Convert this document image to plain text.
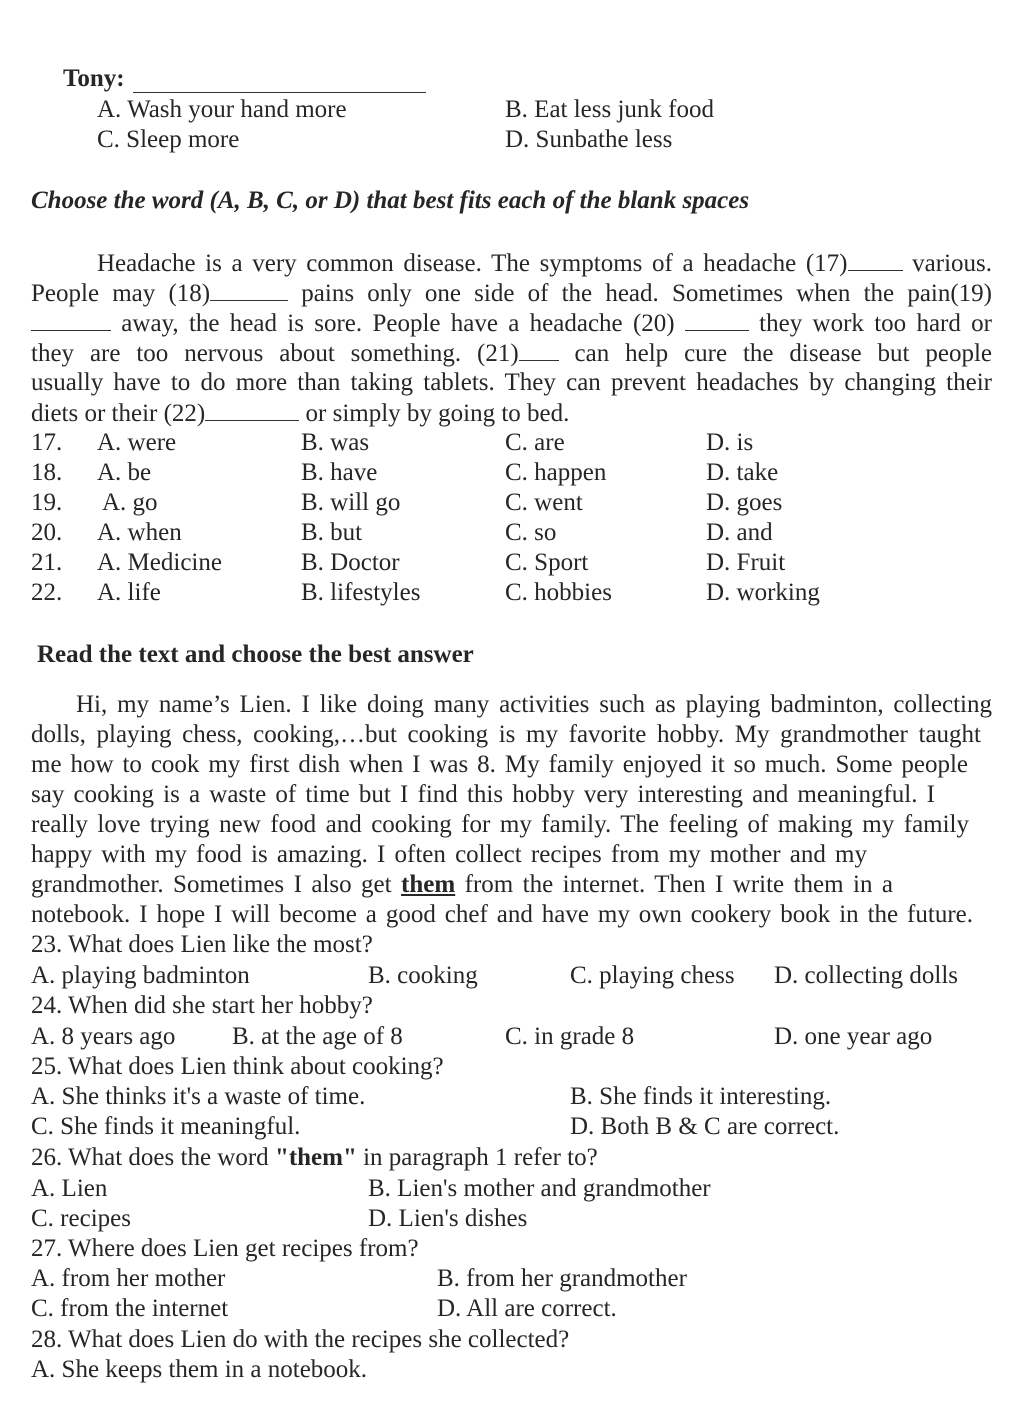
Tony:
A. Wash your hand more	B. Eat less junk food
C. Sleep more	D. Sunbathe less
Choose the word (A, B, C, or D) that best fits each of the blank spaces
Headache is a very common disease. The symptoms of a headache (17) various.
People may (18)	pains only one side of the head. Sometimes when the pain(19)
away, the head is sore. People have a headache (20)	they work too hard or
they are too nervous about something. (21) can help cure the disease but people
usually have to do more than taking tablets. They can prevent headaches by changing their
diets or their (22)	or simply by going to bed.
17. A. were	B. was	C. are	D. is
18. A. be	B. have	C. happen	D. take
19. A. go	B. will go	C. went	D. goes
20. A. when	B. but	C. so	D. and
21. A. Medicine	B. Doctor	C. Sport	D. Fruit
22. A. life	B. lifestyles	C. hobbies	D. working
Read the text and choose the best answer
Hi, my name’s Lien. I like doing many activities such as playing badminton, collecting
dolls, playing chess, cooking,…but cooking is my favorite hobby. My grandmother taught
me how to cook my first dish when I was 8. My family enjoyed it so much. Some people
say cooking is a waste of time but I find this hobby very interesting and meaningful. I
really love trying new food and cooking for my family. The feeling of making my family
happy with my food is amazing. I often collect recipes from my mother and my
grandmother. Sometimes I also get them from the internet. Then I write them in a
notebook. I hope I will become a good chef and have my own cookery book in the future.
23. What does Lien like the most?
A. playing badminton	B. cooking	C. playing chess D. collecting dolls
24. When did she start her hobby?
A. 8 years ago B. at the age of 8	C. in grade 8	D. one year ago
25. What does Lien think about cooking?
A. She thinks it's a waste of time.	B. She finds it interesting.
C. She finds it meaningful.	D. Both B & C are correct.
26. What does the word "them" in paragraph 1 refer to?
A. Lien	B. Lien's mother and grandmother
C. recipes	D. Lien's dishes
27. Where does Lien get recipes from?
A. from her mother	B. from her grandmother
C. from the internet	D. All are correct.
28. What does Lien do with the recipes she collected?
A. She keeps them in a notebook.
